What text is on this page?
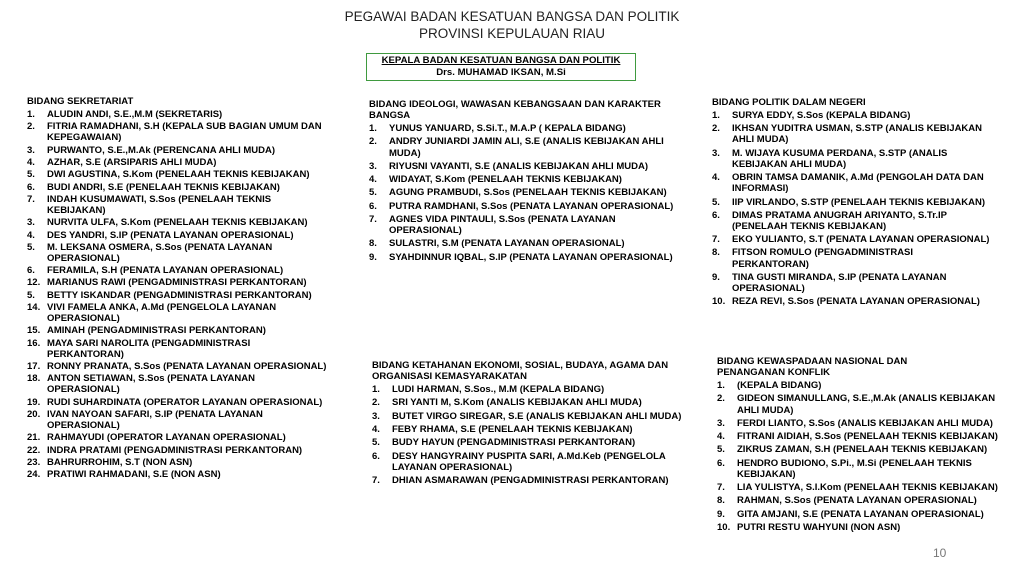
PEGAWAI BADAN KESATUAN BANGSA DAN POLITIK
PROVINSI KEPULAUAN RIAU
KEPALA BADAN KESATUAN BANGSA DAN POLITIK
Drs. MUHAMAD IKSAN, M.Si
BIDANG SEKRETARIAT
1. ALUDIN ANDI, S.E.,M.M (SEKRETARIS)
2. FITRIA RAMADHANI, S.H (KEPALA SUB BAGIAN UMUM DAN KEPEGAWAIAN)
3. PURWANTO, S.E.,M.Ak (PERENCANA AHLI MUDA)
4. AZHAR, S.E (ARSIPARIS AHLI MUDA)
5. DWI AGUSTINA, S.Kom (PENELAAH TEKNIS KEBIJAKAN)
6. BUDI ANDRI, S.E (PENELAAH TEKNIS KEBIJAKAN)
7. INDAH KUSUMAWATI, S.Sos (PENELAAH TEKNIS KEBIJAKAN)
3. NURVITA ULFA, S.Kom (PENELAAH TEKNIS KEBIJAKAN)
4. DES YANDRI, S.IP (PENATA LAYANAN OPERASIONAL)
5. M. LEKSANA OSMERA, S.Sos (PENATA LAYANAN OPERASIONAL)
6. FERAMILA, S.H (PENATA LAYANAN OPERASIONAL)
12. MARIANUS RAWI (PENGADMINISTRASI PERKANTORAN)
5. BETTY ISKANDAR (PENGADMINISTRASI PERKANTORAN)
14. VIVI FAMELA ANKA, A.Md (PENGELOLA LAYANAN OPERASIONAL)
15. AMINAH (PENGADMINISTRASI PERKANTORAN)
16. MAYA SARI NAROLITA (PENGADMINISTRASI PERKANTORAN)
17. RONNY PRANATA, S.Sos (PENATA LAYANAN OPERASIONAL)
18. ANTON SETIAWAN, S.Sos (PENATA LAYANAN OPERASIONAL)
19. RUDI SUHARDINATA (OPERATOR LAYANAN OPERASIONAL)
20. IVAN NAYOAN SAFARI, S.IP (PENATA LAYANAN OPERASIONAL)
21. RAHMAYUDI (OPERATOR LAYANAN OPERASIONAL)
22. INDRA PRATAMI (PENGADMINISTRASI PERKANTORAN)
23. BAHRURROHIM, S.T (NON ASN)
24. PRATIWI RAHMADANI, S.E (NON ASN)
BIDANG IDEOLOGI, WAWASAN KEBANGSAAN DAN KARAKTER BANGSA
1. YUNUS YANUARD, S.Si.T., M.A.P ( KEPALA BIDANG)
2. ANDRY JUNIARDI JAMIN ALI, S.E (ANALIS KEBIJAKAN AHLI MUDA)
3. RIYUSNI VAYANTI, S.E (ANALIS KEBIJAKAN AHLI MUDA)
4. WIDAYAT, S.Kom (PENELAAH TEKNIS KEBIJAKAN)
5. AGUNG PRAMBUDI, S.Sos (PENELAAH TEKNIS KEBIJAKAN)
6. PUTRA RAMDHANI, S.Sos (PENATA LAYANAN OPERASIONAL)
7. AGNES VIDA PINTAULI, S.Sos (PENATA LAYANAN OPERASIONAL)
8. SULASTRI, S.M (PENATA LAYANAN OPERASIONAL)
9. SYAHDINNUR IQBAL, S.IP (PENATA LAYANAN OPERASIONAL)
BIDANG KETAHANAN EKONOMI, SOSIAL, BUDAYA, AGAMA DAN ORGANISASI KEMASYARAKATAN
1. LUDI HARMAN, S.Sos., M.M (KEPALA BIDANG)
2. SRI YANTI M, S.Kom (ANALIS KEBIJAKAN AHLI MUDA)
3. BUTET VIRGO SIREGAR, S.E (ANALIS KEBIJAKAN AHLI MUDA)
4. FEBY RHAMA, S.E (PENELAAH TEKNIS KEBIJAKAN)
5. BUDY HAYUN (PENGADMINISTRASI PERKANTORAN)
6. DESY HANGYRAINY PUSPITA SARI, A.Md.Keb (PENGELOLA LAYANAN OPERASIONAL)
7. DHIAN ASMARAWAN (PENGADMINISTRASI PERKANTORAN)
BIDANG POLITIK DALAM NEGERI
1. SURYA EDDY, S.Sos (KEPALA BIDANG)
2. IKHSAN YUDITRA USMAN, S.STP (ANALIS KEBIJAKAN AHLI MUDA)
3. M. WIJAYA KUSUMA PERDANA, S.STP (ANALIS KEBIJAKAN AHLI MUDA)
4. OBRIN TAMSA DAMANIK, A.Md (PENGOLAH DATA DAN INFORMASI)
5. IIP VIRLANDO, S.STP (PENELAAH TEKNIS KEBIJAKAN)
6. DIMAS PRATAMA ANUGRAH ARIYANTO, S.Tr.IP (PENELAAH TEKNIS KEBIJAKAN)
7. EKO YULIANTO, S.T (PENATA LAYANAN OPERASIONAL)
8. FITSON ROMULO (PENGADMINISTRASI PERKANTORAN)
9. TINA GUSTI MIRANDA, S.IP (PENATA LAYANAN OPERASIONAL)
10. REZA REVI, S.Sos (PENATA LAYANAN OPERASIONAL)
BIDANG KEWASPADAAN NASIONAL DAN PENANGANAN KONFLIK
1. (KEPALA BIDANG)
2. GIDEON SIMANULLANG, S.E.,M.Ak (ANALIS KEBIJAKAN AHLI MUDA)
3. FERDI LIANTO, S.Sos (ANALIS KEBIJAKAN AHLI MUDA)
4. FITRANI AIDIAH, S.Sos (PENELAAH TEKNIS KEBIJAKAN)
5. ZIKRUS ZAMAN, S.H (PENELAAH TEKNIS KEBIJAKAN)
6. HENDRO BUDIONO, S.Pi., M.Si (PENELAAH TEKNIS KEBIJAKAN)
7. LIA YULISTYA, S.I.Kom (PENELAAH TEKNIS KEBIJAKAN)
8. RAHMAN, S.Sos (PENATA LAYANAN OPERASIONAL)
9. GITA AMJANI, S.E (PENATA LAYANAN OPERASIONAL)
10. PUTRI RESTU WAHYUNI (NON ASN)
10
